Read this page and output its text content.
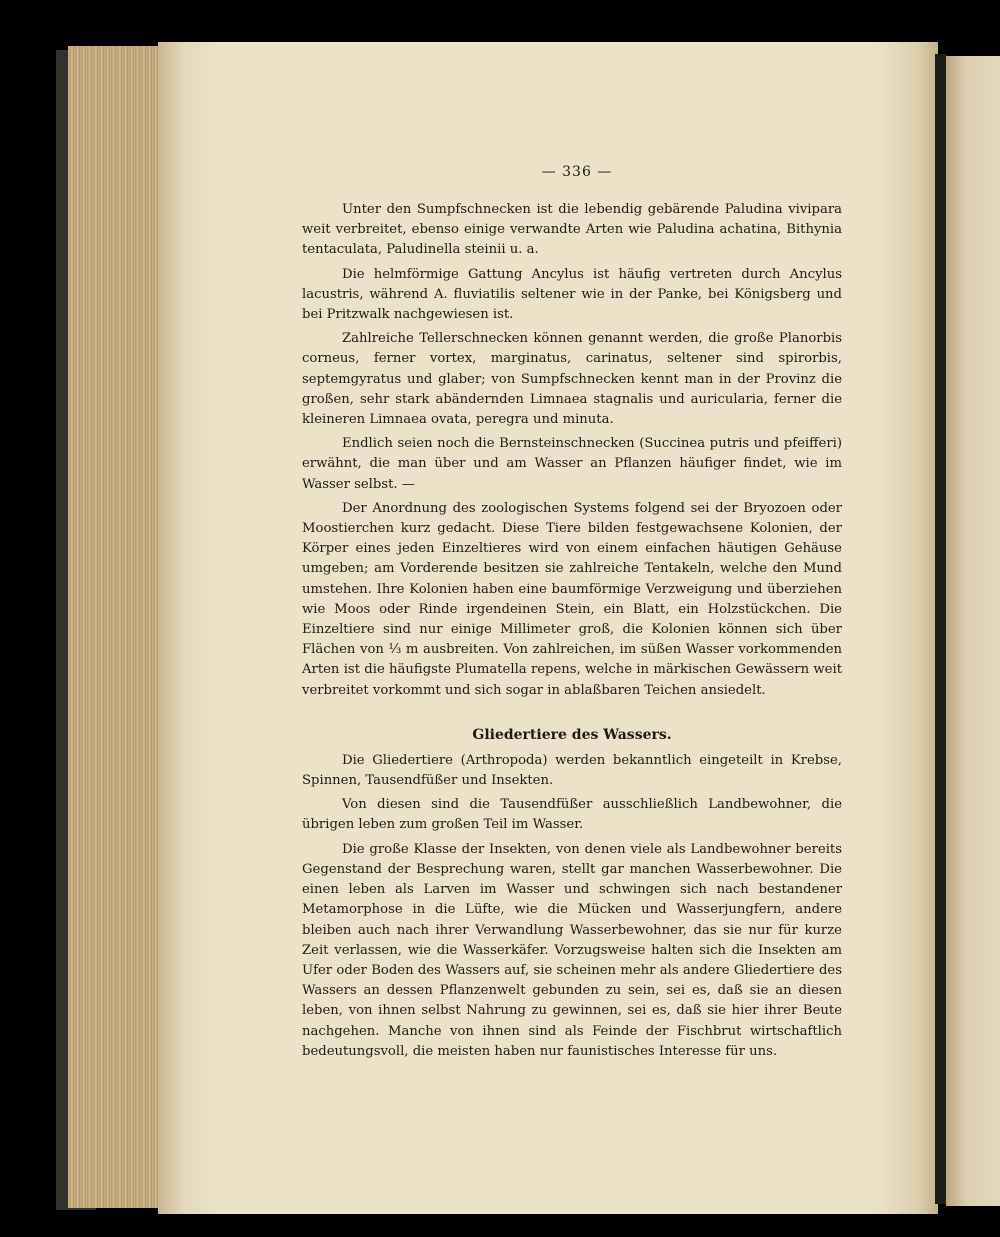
— 336 —

Unter den Sumpfschnecken ist die lebendig gebärende Paludina vivipara weit verbreitet, ebenso einige verwandte Arten wie Paludina achatina, Bithynia tentaculata, Paludinella steinii u. a.

Die helmförmige Gattung Ancylus ist häufig vertreten durch Ancylus lacustris, während A. fluviatilis seltener wie in der Panke, bei Königsberg und bei Pritzwalk nachgewiesen ist.

Zahlreiche Tellerschnecken können genannt werden, die große Planorbis corneus, ferner vortex, marginatus, carinatus, seltener sind spirorbis, septemgyratus und glaber; von Sumpfschnecken kennt man in der Provinz die großen, sehr stark abändernden Limnaea stagnalis und auricularia, ferner die kleineren Limnaea ovata, peregra und minuta.

Endlich seien noch die Bernsteinschnecken (Succinea putris und pfeifferi) erwähnt, die man über und am Wasser an Pflanzen häufiger findet, wie im Wasser selbst. —

Der Anordnung des zoologischen Systems folgend sei der Bryozoen oder Moostierchen kurz gedacht. Diese Tiere bilden festgewachsene Kolonien, der Körper eines jeden Einzeltieres wird von einem einfachen häutigen Gehäuse umgeben; am Vorderende besitzen sie zahlreiche Tentakeln, welche den Mund umstehen. Ihre Kolonien haben eine baumförmige Verzweigung und überziehen wie Moos oder Rinde irgendeinen Stein, ein Blatt, ein Holzstückchen. Die Einzeltiere sind nur einige Millimeter groß, die Kolonien können sich über Flächen von ⅓ m ausbreiten. Von zahlreichen, im süßen Wasser vorkommenden Arten ist die häufigste Plumatella repens, welche in märkischen Gewässern weit verbreitet vorkommt und sich sogar in ablaßbaren Teichen ansiedelt.

Gliedertiere des Wassers.

Die Gliedertiere (Arthropoda) werden bekanntlich eingeteilt in Krebse, Spinnen, Tausendfüßer und Insekten.

Von diesen sind die Tausendfüßer ausschließlich Landbewohner, die übrigen leben zum großen Teil im Wasser.

Die große Klasse der Insekten, von denen viele als Landbewohner bereits Gegenstand der Besprechung waren, stellt gar manchen Wasserbewohner. Die einen leben als Larven im Wasser und schwingen sich nach bestandener Metamorphose in die Lüfte, wie die Mücken und Wasserjungfern, andere bleiben auch nach ihrer Verwandlung Wasserbewohner, das sie nur für kurze Zeit verlassen, wie die Wasserkäfer. Vorzugsweise halten sich die Insekten am Ufer oder Boden des Wassers auf, sie scheinen mehr als andere Gliedertiere des Wassers an dessen Pflanzenwelt gebunden zu sein, sei es, daß sie an diesen leben, von ihnen selbst Nahrung zu gewinnen, sei es, daß sie hier ihrer Beute nachgehen. Manche von ihnen sind als Feinde der Fischbrut wirtschaftlich bedeutungsvoll, die meisten haben nur faunistisches Interesse für uns.
